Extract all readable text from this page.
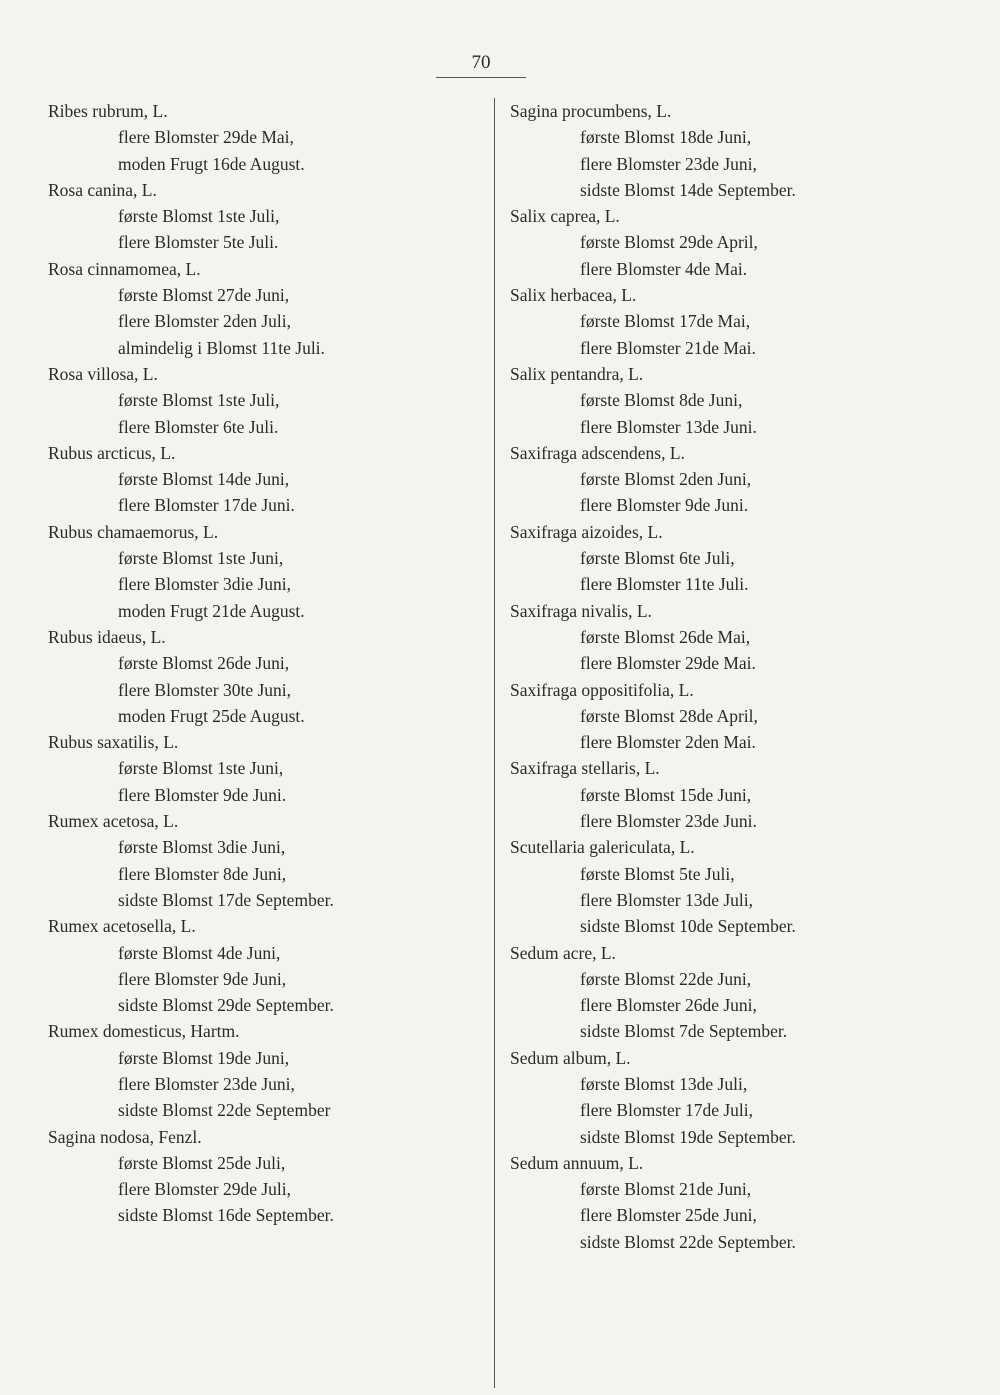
70
Ribes rubrum, L.
flere Blomster 29de Mai,
moden Frugt 16de August.
Rosa canina, L.
første Blomst 1ste Juli,
flere Blomster 5te Juli.
Rosa cinnamomea, L.
første Blomst 27de Juni,
flere Blomster 2den Juli,
almindelig i Blomst 11te Juli.
Rosa villosa, L.
første Blomst 1ste Juli,
flere Blomster 6te Juli.
Rubus arcticus, L.
første Blomst 14de Juni,
flere Blomster 17de Juni.
Rubus chamaemorus, L.
første Blomst 1ste Juni,
flere Blomster 3die Juni,
moden Frugt 21de August.
Rubus idaeus, L.
første Blomst 26de Juni,
flere Blomster 30te Juni,
moden Frugt 25de August.
Rubus saxatilis, L.
første Blomst 1ste Juni,
flere Blomster 9de Juni.
Rumex acetosa, L.
første Blomst 3die Juni,
flere Blomster 8de Juni,
sidste Blomst 17de September.
Rumex acetosella, L.
første Blomst 4de Juni,
flere Blomster 9de Juni,
sidste Blomst 29de September.
Rumex domesticus, Hartm.
første Blomst 19de Juni,
flere Blomster 23de Juni,
sidste Blomst 22de September
Sagina nodosa, Fenzl.
første Blomst 25de Juli,
flere Blomster 29de Juli,
sidste Blomst 16de September.
Sagina procumbens, L.
første Blomst 18de Juni,
flere Blomster 23de Juni,
sidste Blomst 14de September.
Salix caprea, L.
første Blomst 29de April,
flere Blomster 4de Mai.
Salix herbacea, L.
første Blomst 17de Mai,
flere Blomster 21de Mai.
Salix pentandra, L.
første Blomst 8de Juni,
flere Blomster 13de Juni.
Saxifraga adscendens, L.
første Blomst 2den Juni,
flere Blomster 9de Juni.
Saxifraga aizoides, L.
første Blomst 6te Juli,
flere Blomster 11te Juli.
Saxifraga nivalis, L.
første Blomst 26de Mai,
flere Blomster 29de Mai.
Saxifraga oppositifolia, L.
første Blomst 28de April,
flere Blomster 2den Mai.
Saxifraga stellaris, L.
første Blomst 15de Juni,
flere Blomster 23de Juni.
Scutellaria galericulata, L.
første Blomst 5te Juli,
flere Blomster 13de Juli,
sidste Blomst 10de September.
Sedum acre, L.
første Blomst 22de Juni,
flere Blomster 26de Juni,
sidste Blomst 7de September.
Sedum album, L.
første Blomst 13de Juli,
flere Blomster 17de Juli,
sidste Blomst 19de September.
Sedum annuum, L.
første Blomst 21de Juni,
flere Blomster 25de Juni,
sidste Blomst 22de September.
